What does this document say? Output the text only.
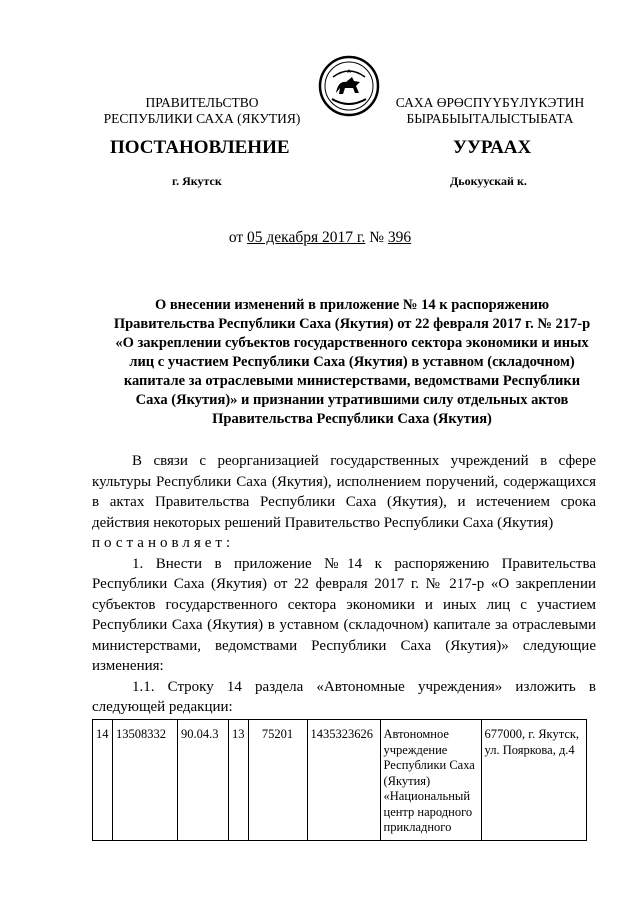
ПРАВИТЕЛЬСТВО
РЕСПУБЛИКИ САХА (ЯКУТИЯ)
САХА ӨРӨСПҮҮБҮЛҮКЭТИН
БЫРАБЫЫТАЛЫСТЫБАТА
ПОСТАНОВЛЕНИЕ	УУРААХ
г. Якутск	Дьокуускай к.
от 05 декабря 2017 г. № 396
О внесении изменений в приложение № 14 к распоряжению
Правительства Республики Саха (Якутия) от 22 февраля 2017 г. № 217-р
«О закреплении субъектов государственного сектора экономики и иных
лиц с участием Республики Саха (Якутия) в уставном (складочном)
капитале за отраслевыми министерствами, ведомствами Республики
Саха (Якутия)» и признании утратившими силу отдельных актов
Правительства Республики Саха (Якутия)

В связи с реорганизацией государственных учреждений в сфере культуры Республики Саха (Якутия), исполнением поручений, содержащихся в актах Правительства Республики Саха (Якутия), и истечением срока действия некоторых решений Правительство Республики Саха (Якутия)

постановляет:

1. Внести в приложение №14 к распоряжению Правительства Республики Саха (Якутия) от 22 февраля 2017 г. № 217-р «О закреплении субъектов государственного сектора экономики и иных лиц с участием Республики Саха (Якутия) в уставном (складочном) капитале за отраслевыми министерствами, ведомствами Республики Саха (Якутия)» следующие изменения:

1.1. Строку 14 раздела «Автономные учреждения» изложить в следующей редакции:

14	13508332	90.04.3	13	75201	1435323626	Автономное учреждение Республики Саха (Якутия) «Национальный центр народного прикладного	677000, г. Якутск, ул. Пояркова, д.4
